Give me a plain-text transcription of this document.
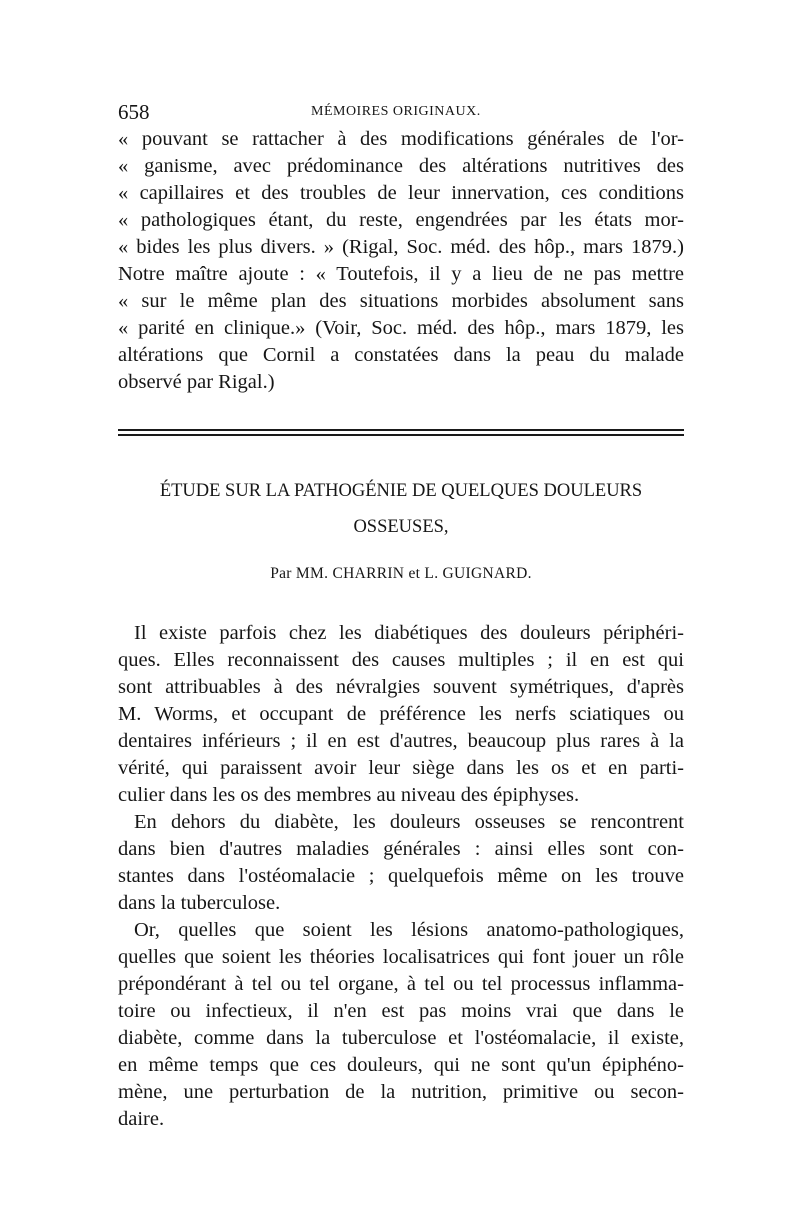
658	MÉMOIRES ORIGINAUX.
« pouvant se rattacher à des modifications générales de l'or-
« ganisme, avec prédominance des altérations nutritives des
« capillaires et des troubles de leur innervation, ces conditions
« pathologiques étant, du reste, engendrées par les états mor-
« bides les plus divers. » (Rigal, Soc. méd. des hôp., mars 1879.)
Notre maître ajoute : « Toutefois, il y a lieu de ne pas mettre
« sur le même plan des situations morbides absolument sans
« parité en clinique.» (Voir, Soc. méd. des hôp., mars 1879, les
altérations que Cornil a constatées dans la peau du malade
observé par Rigal.)
ÉTUDE SUR LA PATHOGÉNIE DE QUELQUES DOULEURS
OSSEUSES,
Par MM. CHARRIN et L. GUIGNARD.
Il existe parfois chez les diabétiques des douleurs périphéri-
ques. Elles reconnaissent des causes multiples ; il en est qui
sont attribuables à des névralgies souvent symétriques, d'après
M. Worms, et occupant de préférence les nerfs sciatiques ou
dentaires inférieurs ; il en est d'autres, beaucoup plus rares à la
vérité, qui paraissent avoir leur siège dans les os et en parti-
culier dans les os des membres au niveau des épiphyses.
En dehors du diabète, les douleurs osseuses se rencontrent
dans bien d'autres maladies générales : ainsi elles sont con-
stantes dans l'ostéomalacie ; quelquefois même on les trouve
dans la tuberculose.
Or, quelles que soient les lésions anatomo-pathologiques,
quelles que soient les théories localisatrices qui font jouer un rôle
prépondérant à tel ou tel organe, à tel ou tel processus inflamma-
toire ou infectieux, il n'en est pas moins vrai que dans le
diabète, comme dans la tuberculose et l'ostéomalacie, il existe,
en même temps que ces douleurs, qui ne sont qu'un épiphéno-
mène, une perturbation de la nutrition, primitive ou secon-
daire.
